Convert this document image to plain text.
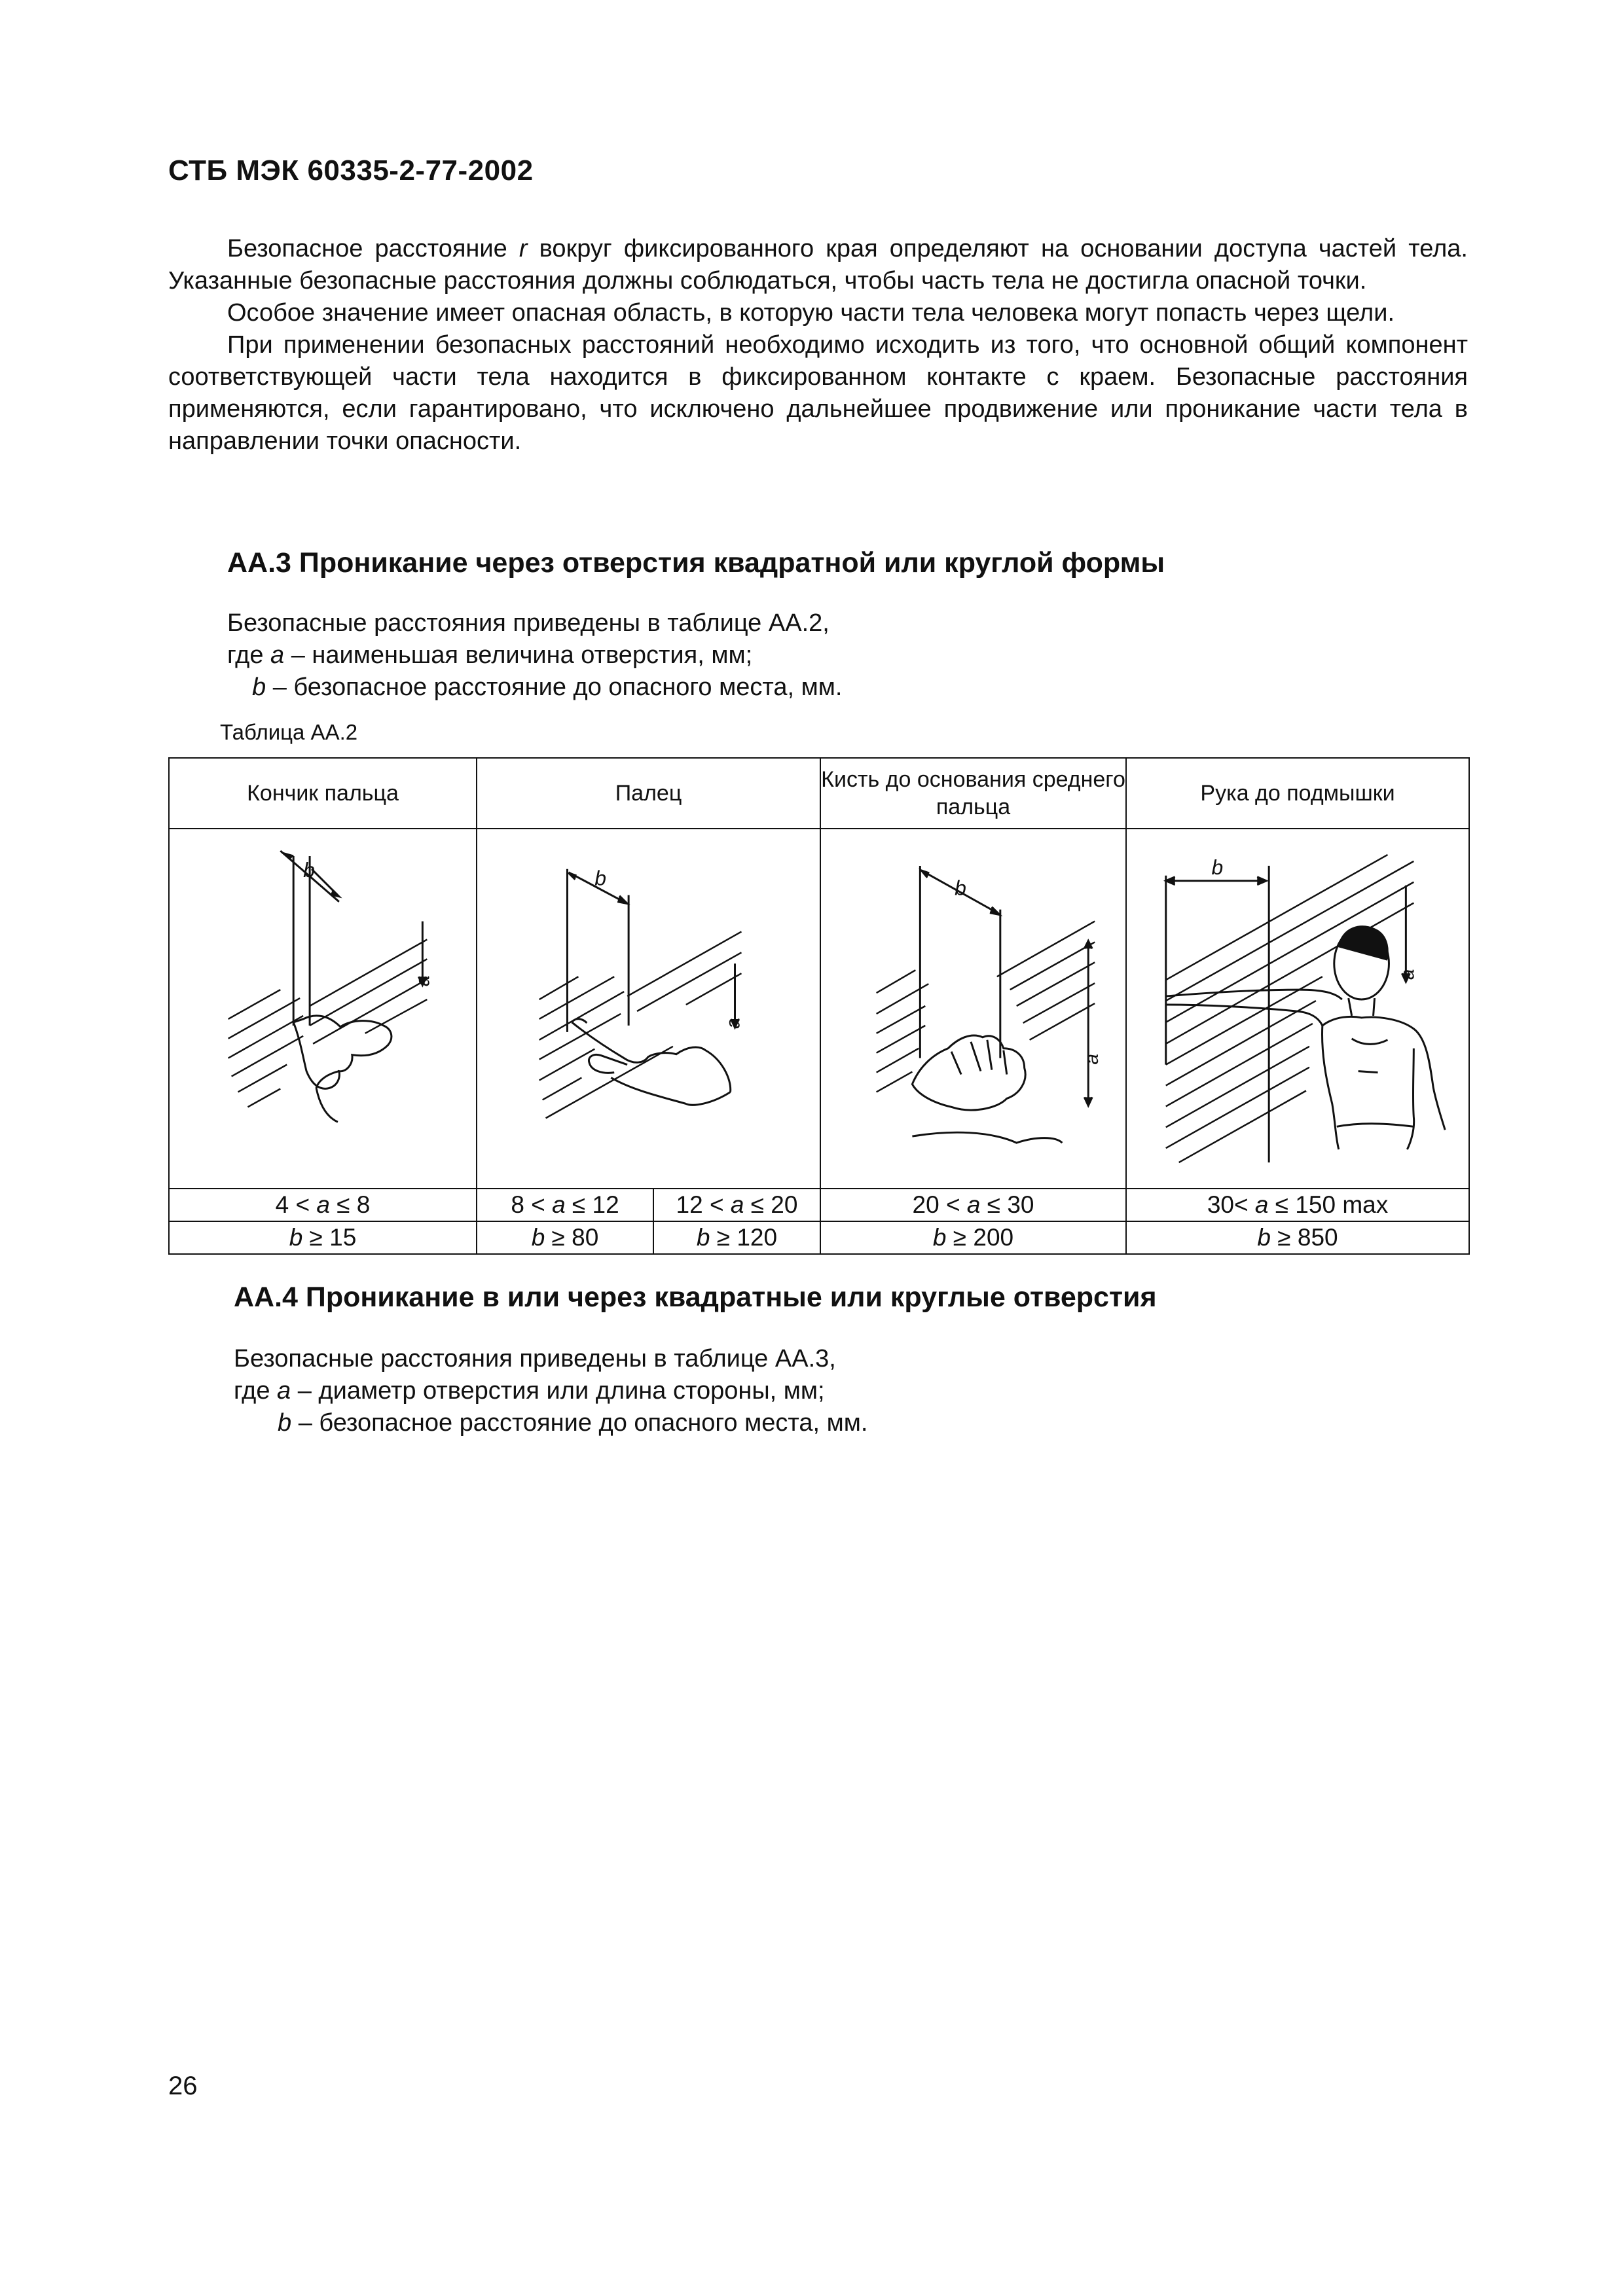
СТБ МЭК 60335-2-77-2002

Безопасное расстояние r вокруг фиксированного края определяют на основании доступа частей тела. Указанные безопасные расстояния должны соблюдаться, чтобы часть тела не достигла опасной точки.

Особое значение имеет опасная область, в которую части тела человека могут попасть через щели.

При применении безопасных расстояний необходимо исходить из того, что основной общий компонент соответствующей части тела находится в фиксированном контакте с краем. Безопасные расстояния применяются, если гарантировано, что исключено дальнейшее продвижение или проникание части тела в направлении точки опасности.

АА.3 Проникание через отверстия квадратной или круглой формы
Безопасные расстояния приведены в таблице АА.2,
где а – наименьшая величина отверстия, мм;
b – безопасное расстояние до опасного места, мм.
Таблица АА.2
Кончик пальца	Палец		Кисть до основания среднего пальца	Рука до подмышки

b
a	b
a		b
a	b
a

4 < a ≤ 8	8 < a ≤ 12	12 < a ≤ 20	20 < a ≤ 30	30< a ≤ 150 max
b ≥ 15	b ≥ 80	b ≥ 120	b ≥ 200	b ≥ 850
АА.4 Проникание в или через квадратные или круглые отверстия
Безопасные расстояния приведены в таблице АА.3,
где а – диаметр отверстия или длина стороны, мм;
b – безопасное расстояние до опасного места, мм.
26
